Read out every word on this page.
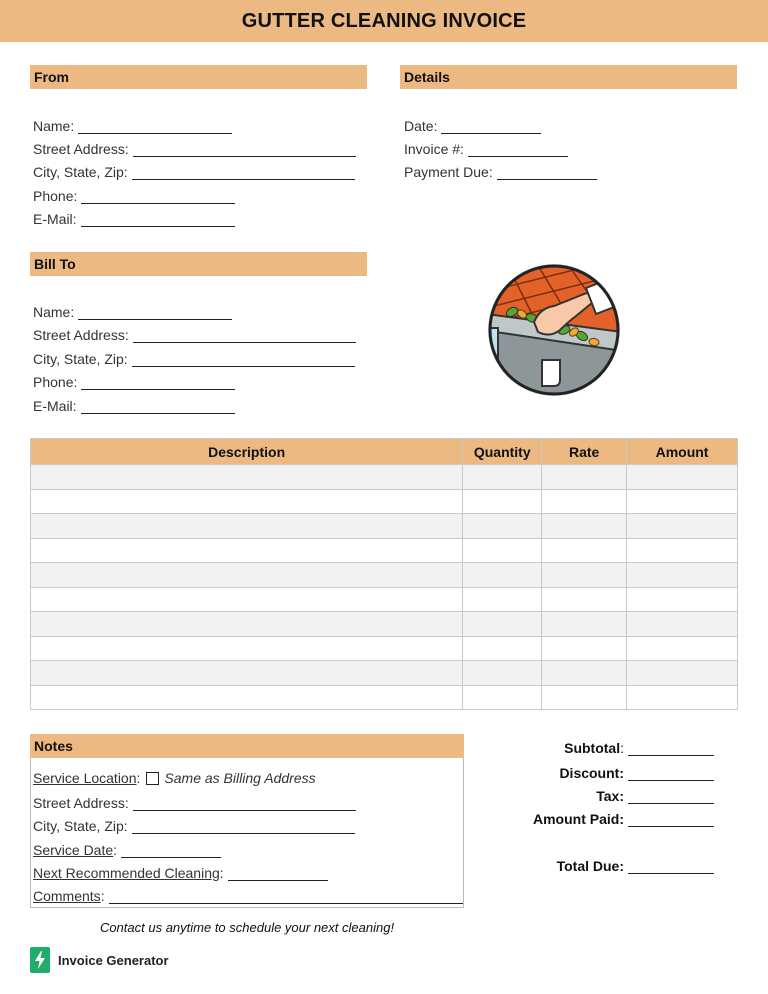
GUTTER CLEANING INVOICE
From
Name:
Street Address:
City, State, Zip:
Phone:
E-Mail:
Details
Date:
Invoice #:
Payment Due:
Bill To
Name:
Street Address:
City, State, Zip:
Phone:
E-Mail:
Description	Quantity	Rate	Amount

Notes
Service Location : Same as Billing Address
Street Address:
City, State, Zip:
Service Date :
Next Recommended Cleaning :
Comments :
Subtotal :
Discount:
Tax:
Amount Paid:
Total Due:
Contact us anytime to schedule your next cleaning!
Invoice Generator
